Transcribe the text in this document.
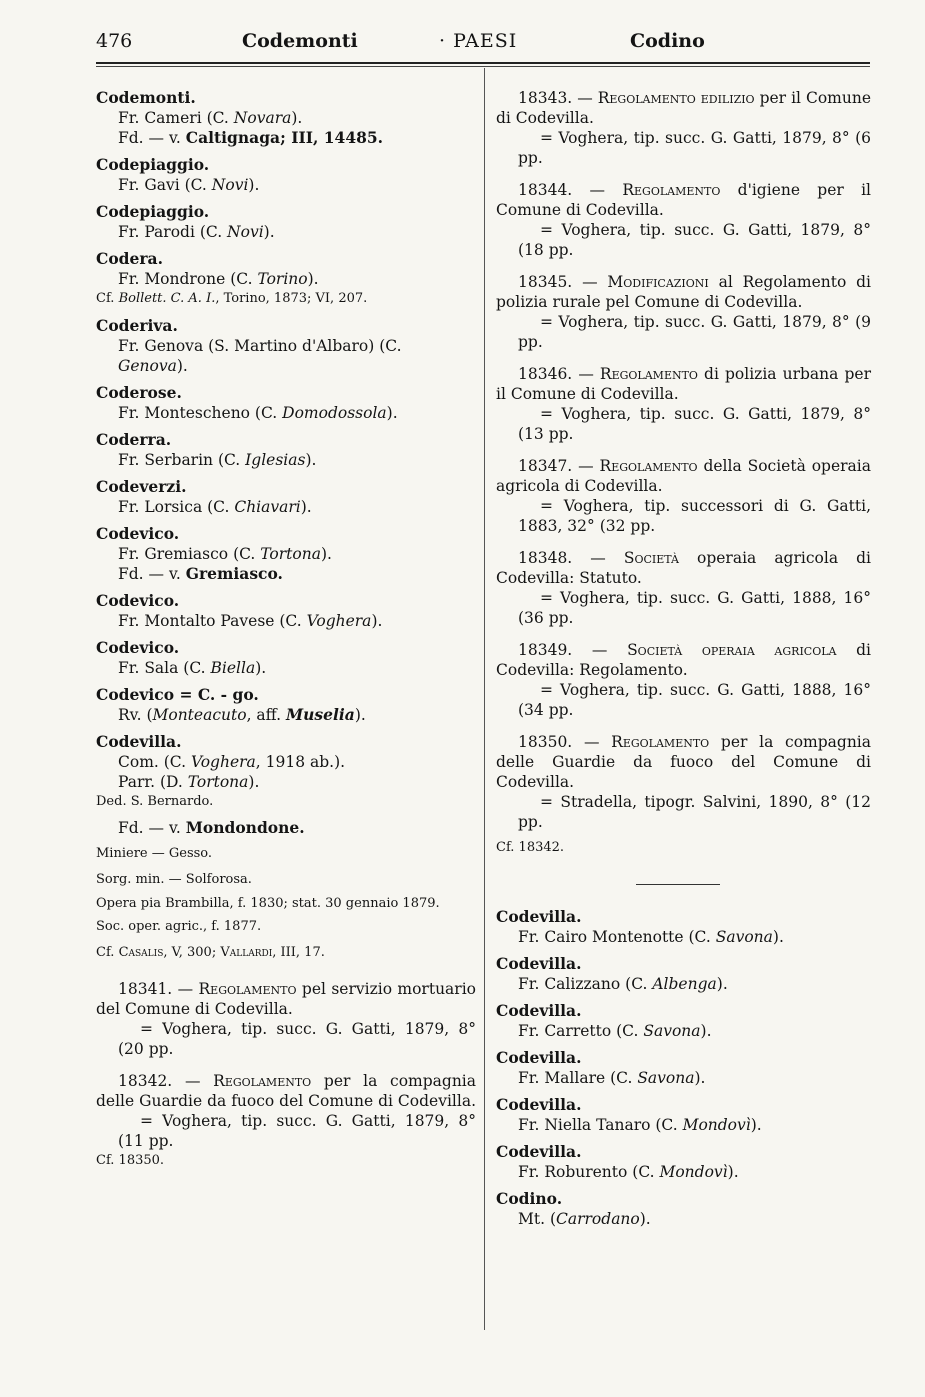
476	Codemonti	· PAESI	Codino
Codemonti.
Fr. Cameri (C. Novara).
Fd. — v. Caltignaga; III, 14485.
Codepiaggio.
Fr. Gavi (C. Novi).
Codepiaggio.
Fr. Parodi (C. Novi).
Codera.
Fr. Mondrone (C. Torino).
Cf. Bollett. C. A. I., Torino, 1873; VI, 207.
Coderiva.
Fr. Genova (S. Martino d'Albaro) (C. Genova).
Coderose.
Fr. Montescheno (C. Domodossola).
Coderra.
Fr. Serbarin (C. Iglesias).
Codeverzi.
Fr. Lorsica (C. Chiavari).
Codevico.
Fr. Gremiasco (C. Tortona).
Fd. — v. Gremiasco.
Codevico.
Fr. Montalto Pavese (C. Voghera).
Codevico.
Fr. Sala (C. Biella).
Codevico = C. - go.
Rv. (Monteacuto, aff. Muselia).
Codevilla.
Com. (C. Voghera, 1918 ab.).
Parr. (D. Tortona).
Ded. S. Bernardo.
Fd. — v. Mondondone.
Miniere — Gesso.
Sorg. min. — Solforosa.
Opera pia Brambilla, f. 1830; stat. 30 gennaio 1879.
Soc. oper. agric., f. 1877.
Cf. Casalis, V, 300; Vallardi, III, 17.
18341. — Regolamento pel servizio mortuario del Comune di Codevilla.
= Voghera, tip. succ. G. Gatti, 1879, 8° (20 pp.
18342. — Regolamento per la compagnia delle Guardie da fuoco del Comune di Codevilla.
= Voghera, tip. succ. G. Gatti, 1879, 8° (11 pp.
Cf. 18350.
18343. — Regolamento edilizio per il Comune di Codevilla.
= Voghera, tip. succ. G. Gatti, 1879, 8° (6 pp.
18344. — Regolamento d'igiene per il Comune di Codevilla.
= Voghera, tip. succ. G. Gatti, 1879, 8° (18 pp.
18345. — Modificazioni al Regolamento di polizia rurale pel Comune di Codevilla.
= Voghera, tip. succ. G. Gatti, 1879, 8° (9 pp.
18346. — Regolamento di polizia urbana per il Comune di Codevilla.
= Voghera, tip. succ. G. Gatti, 1879, 8° (13 pp.
18347. — Regolamento della Società operaia agricola di Codevilla.
= Voghera, tip. successori di G. Gatti, 1883, 32° (32 pp.
18348. — Società operaia agricola di Codevilla: Statuto.
= Voghera, tip. succ. G. Gatti, 1888, 16° (36 pp.
18349. — Società operaia agricola di Codevilla: Regolamento.
= Voghera, tip. succ. G. Gatti, 1888, 16° (34 pp.
18350. — Regolamento per la compagnia delle Guardie da fuoco del Comune di Codevilla.
= Stradella, tipogr. Salvini, 1890, 8° (12 pp.
Cf. 18342.
Codevilla.
Fr. Cairo Montenotte (C. Savona).
Codevilla.
Fr. Calizzano (C. Albenga).
Codevilla.
Fr. Carretto (C. Savona).
Codevilla.
Fr. Mallare (C. Savona).
Codevilla.
Fr. Niella Tanaro (C. Mondovì).
Codevilla.
Fr. Roburento (C. Mondovì).
Codino.
Mt. (Carrodano).
